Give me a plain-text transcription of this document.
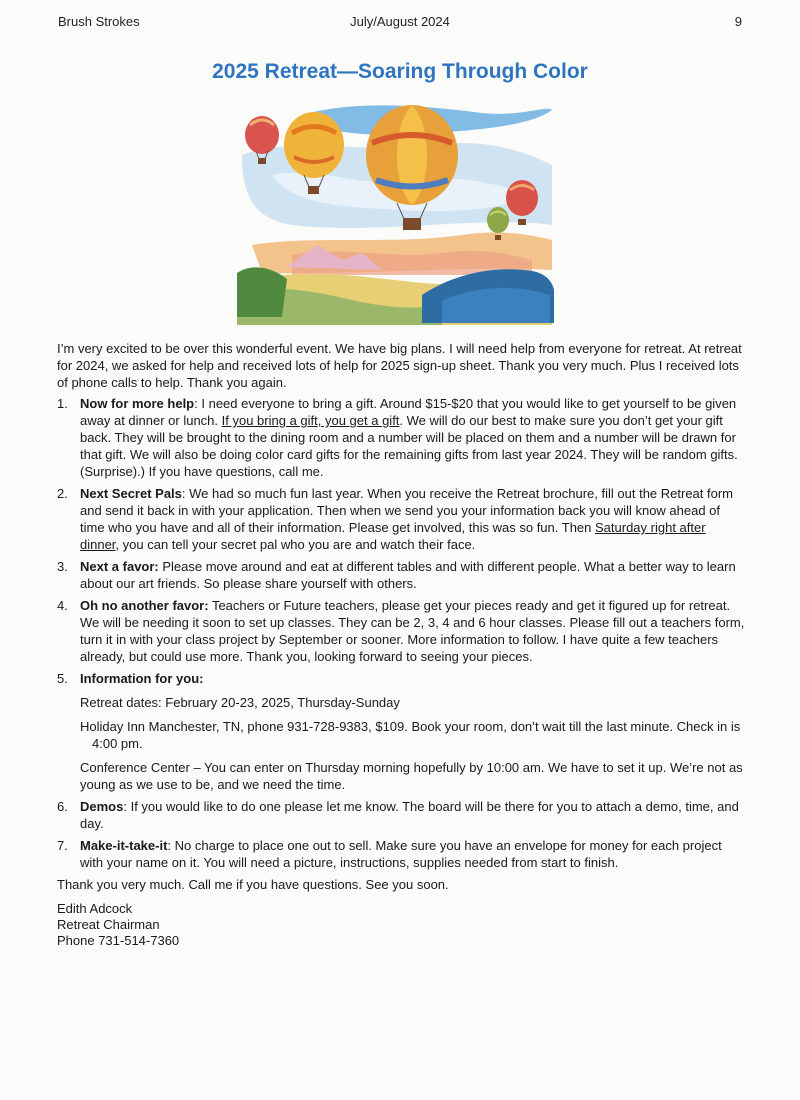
Brush Strokes	July/August 2024	9
2025 Retreat—Soaring Through Color

I’m very excited to be over this wonderful event. We have big plans. I will need help from everyone for retreat. At retreat for 2024, we asked for help and received lots of help for 2025 sign-up sheet. Thank you very much. Plus I received lots of phone calls to help. Thank you again.

1. Now for more help: I need everyone to bring a gift. Around $15-$20 that you would like to get yourself to be given away at dinner or lunch. If you bring a gift, you get a gift. We will do our best to make sure you don’t get your gift back. They will be brought to the dining room and a number will be placed on them and a number will be drawn for that gift. We will also be doing color card gifts for the remaining gifts from last year 2024. They will be random gifts. (Surprise).) If you have questions, call me.
2. Next Secret Pals: We had so much fun last year. When you receive the Retreat brochure, fill out the Retreat form and send it back in with your application. Then when we send you your information back you will know ahead of time who you have and all of their information. Please get involved, this was so fun. Then Saturday right after dinner, you can tell your secret pal who you are and watch their face.
3. Next a favor: Please move around and eat at different tables and with different people. What a better way to learn about our art friends. So please share yourself with others.
4. Oh no another favor: Teachers or Future teachers, please get your pieces ready and get it figured up for retreat. We will be needing it soon to set up classes. They can be 2, 3, 4 and 6 hour classes. Please fill out a teachers form, turn it in with your class project by September or sooner. More information to follow. I have quite a few teachers already, but could use more. Thank you, looking forward to seeing your pieces.
5. Information for you:

Retreat dates: February 20-23, 2025, Thursday-Sunday

Holiday Inn Manchester, TN, phone 931-728-9383, $109. Book your room, don’t wait till the last minute. Check in is 4:00 pm.

Conference Center – You can enter on Thursday morning hopefully by 10:00 am. We have to set it up. We’re not as young as we use to be, and we need the time.

6. Demos: If you would like to do one please let me know. The board will be there for you to attach a demo, time, and day.
7. Make-it-take-it: No charge to place one out to sell. Make sure you have an envelope for money for each project with your name on it. You will need a picture, instructions, supplies needed from start to finish.

Thank you very much. Call me if you have questions. See you soon.

Edith Adcock
Retreat Chairman
Phone 731-514-7360
